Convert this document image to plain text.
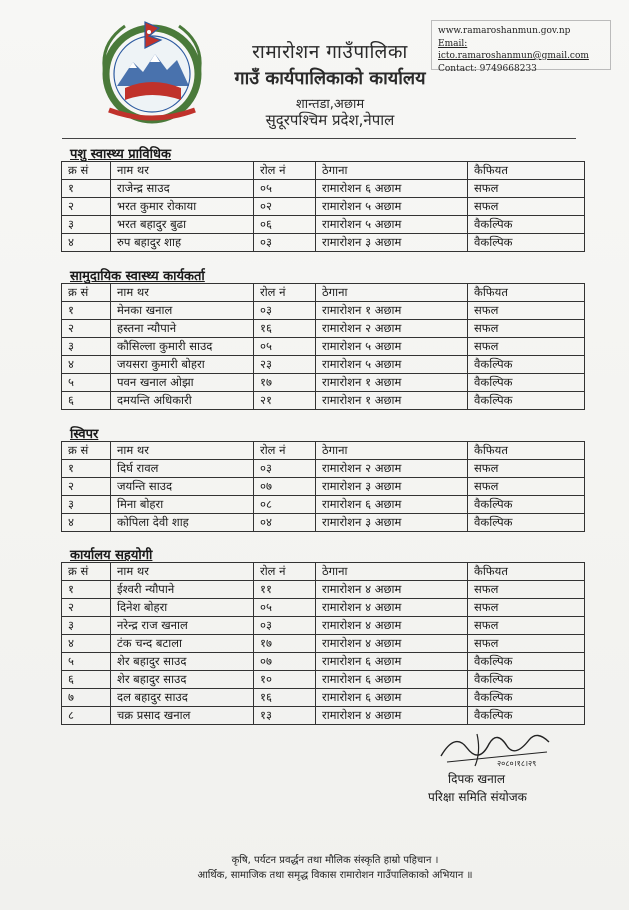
रामारोशन गाउँपालिका
गाउँ कार्यपालिकाको कार्यालय
शान्तडा,अछाम
सुदूरपश्चिम प्रदेश,नेपाल
www.ramaroshanmun.gov.np
Email: icto.ramaroshanmun@gmail.com
Contact: 9749668233
पशु स्वास्थ्य प्राविधिक
क्र सं	नाम थर	रोल नं	ठेगाना	कैफियत
१	राजेन्द्र साउद	०५	रामारोशन ६ अछाम	सफल
२	भरत कुमार रोकाया	०२	रामारोशन ५ अछाम	सफल
३	भरत बहादुर बुढा	०६	रामारोशन ५ अछाम	वैकल्पिक
४	रुप बहादुर शाह	०३	रामारोशन ३ अछाम	वैकल्पिक
सामुदायिक स्वास्थ्य कार्यकर्ता
क्र सं	नाम थर	रोल नं	ठेगाना	कैफियत
१	मेनका खनाल	०३	रामारोशन १ अछाम	सफल
२	हस्तना न्यौपाने	१६	रामारोशन २ अछाम	सफल
३	कौसिल्ला कुमारी साउद	०५	रामारोशन ५ अछाम	सफल
४	जयसरा कुमारी बोहरा	२३	रामारोशन ५ अछाम	वैकल्पिक
५	पवन खनाल ओझा	१७	रामारोशन १ अछाम	वैकल्पिक
६	दमयन्ति अधिकारी	२१	रामारोशन १ अछाम	वैकल्पिक
स्विपर
क्र सं	नाम थर	रोल नं	ठेगाना	कैफियत
१	दिर्घ रावल	०३	रामारोशन २ अछाम	सफल
२	जयन्ति साउद	०७	रामारोशन ३ अछाम	सफल
३	मिना बोहरा	०८	रामारोशन ६ अछाम	वैकल्पिक
४	कोपिला देवी शाह	०४	रामारोशन ३ अछाम	वैकल्पिक
कार्यालय सहयोगी
क्र सं	नाम थर	रोल नं	ठेगाना	कैफियत
१	ईश्वरी न्यौपाने	११	रामारोशन ४ अछाम	सफल
२	दिनेश बोहरा	०५	रामारोशन ४ अछाम	सफल
३	नरेन्द्र राज खनाल	०३	रामारोशन ४ अछाम	सफल
४	टंक चन्द बटाला	१७	रामारोशन ४ अछाम	सफल
५	शेर बहादुर साउद	०७	रामारोशन ६ अछाम	वैकल्पिक
६	शेर बहादुर साउद	१०	रामारोशन ६ अछाम	वैकल्पिक
७	दल बहादुर साउद	१६	रामारोशन ६ अछाम	वैकल्पिक
८	चक्र प्रसाद खनाल	१३	रामारोशन ४ अछाम	वैकल्पिक
२०८०।१८।२९
दिपक खनाल
परिक्षा समिति संयोजक
कृषि, पर्यटन प्रवर्द्धन तथा मौलिक संस्कृति हाम्रो पहिचान ।
आर्थिक, सामाजिक तथा समृद्ध विकास रामारोशन गाउँपालिकाको अभियान ॥
